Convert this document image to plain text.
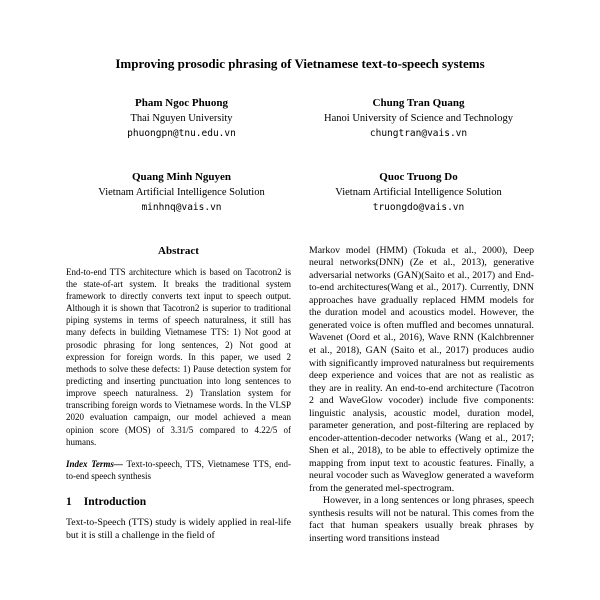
Improving prosodic phrasing of Vietnamese text-to-speech systems
Pham Ngoc Phuong
Thai Nguyen University
phuongpn@tnu.edu.vn
Chung Tran Quang
Hanoi University of Science and Technology
chungtran@vais.vn
Quang Minh Nguyen
Vietnam Artificial Intelligence Solution
minhnq@vais.vn
Quoc Truong Do
Vietnam Artificial Intelligence Solution
truongdo@vais.vn
Abstract
End-to-end TTS architecture which is based on Tacotron2 is the state-of-art system. It breaks the traditional system framework to directly converts text input to speech output. Although it is shown that Tacotron2 is superior to traditional piping systems in terms of speech naturalness, it still has many defects in building Vietnamese TTS: 1) Not good at prosodic phrasing for long sentences, 2) Not good at expression for foreign words. In this paper, we used 2 methods to solve these defects: 1) Pause detection system for predicting and inserting punctuation into long sentences to improve speech naturalness. 2) Translation system for transcribing foreign words to Vietnamese words. In the VLSP 2020 evaluation campaign, our model achieved a mean opinion score (MOS) of 3.31/5 compared to 4.22/5 of humans.
Index Terms— Text-to-speech, TTS, Vietnamese TTS, end-to-end speech synthesis
1 Introduction

Text-to-Speech (TTS) study is widely applied in real-life but it is still a challenge in the field of

Markov model (HMM) (Tokuda et al., 2000), Deep neural networks(DNN) (Ze et al., 2013), generative adversarial networks (GAN)(Saito et al., 2017) and End-to-end architectures(Wang et al., 2017). Currently, DNN approaches have gradually replaced HMM models for the duration model and acoustics model. However, the generated voice is often muffled and becomes unnatural. Wavenet (Oord et al., 2016), Wave RNN (Kalchbrenner et al., 2018), GAN (Saito et al., 2017) produces audio with significantly improved naturalness but requirements deep experience and voices that are not as realistic as they are in reality. An end-to-end architecture (Tacotron 2 and WaveGlow vocoder) include five components: linguistic analysis, acoustic model, duration model, parameter generation, and post-filtering are replaced by encoder-attention-decoder networks (Wang et al., 2017; Shen et al., 2018), to be able to effectively optimize the mapping from input text to acoustic features. Finally, a neural vocoder such as Waveglow generated a waveform from the generated mel-spectrogram.

However, in a long sentences or long phrases, speech synthesis results will not be natural. This comes from the fact that human speakers usually break phrases by inserting word transitions instead
